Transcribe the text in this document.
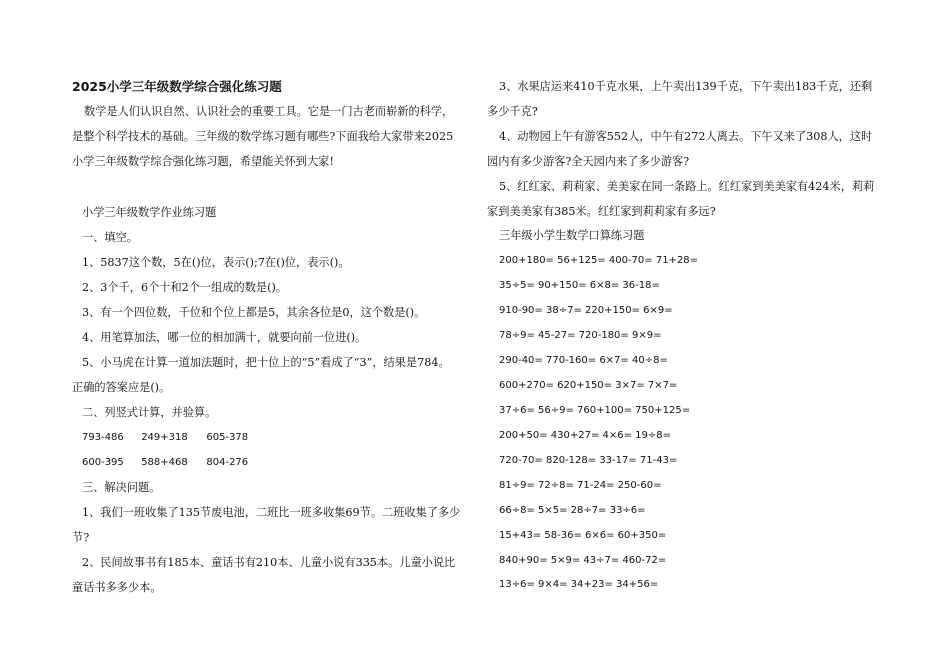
2025小学三年级数学综合强化练习题
数学是人们认识自然、认识社会的重要工具。它是一门古老而崭新的科学，
是整个科学技术的基础。三年级的数学练习题有哪些?下面我给大家带来2025
小学三年级数学综合强化练习题，希望能关怀到大家!
小学三年级数学作业练习题
一、填空。
1、5837这个数，5在()位，表示();7在()位，表示()。
2、3个千，6个十和2个一组成的数是()。
3、有一个四位数，千位和个位上都是5，其余各位是0，这个数是()。
4、用笔算加法，哪一位的相加满十，就要向前一位进()。
5、小马虎在计算一道加法题时，把十位上的“5”看成了“3”，结果是784。
正确的答案应是()。
二、列竖式计算，并验算。
793-486 249+318 605-378
600-395 588+468 804-276
三、解决问题。
1、我们一班收集了135节废电池，二班比一班多收集69节。二班收集了多少
节?
2、民间故事书有185本、童话书有210本、儿童小说有335本。儿童小说比
童话书多多少本。
3、水果店运来410千克水果，上午卖出139千克，下午卖出183千克，还剩
多少千克?
4、动物园上午有游客552人，中午有272人离去。下午又来了308人，这时
园内有多少游客?全天园内来了多少游客?
5、红红家、莉莉家、美美家在同一条路上。红红家到美美家有424米，莉莉
家到美美家有385米。红红家到莉莉家有多远?
三年级小学生数学口算练习题
200+180= 56+125= 400-70= 71+28=
35÷5= 90+150= 6×8= 36-18=
910-90= 38÷7= 220+150= 6×9=
78÷9= 45-27= 720-180= 9×9=
290-40= 770-160= 6×7= 40÷8=
600+270= 620+150= 3×7= 7×7=
37÷6= 56÷9= 760+100= 750+125=
200+50= 430+27= 4×6= 19÷8=
720-70= 820-128= 33-17= 71-43=
81÷9= 72÷8= 71-24= 250-60=
66÷8= 5×5= 28÷7= 33÷6=
15+43= 58-36= 6×6= 60+350=
840+90= 5×9= 43÷7= 460-72=
13÷6= 9×4= 34+23= 34+56=
